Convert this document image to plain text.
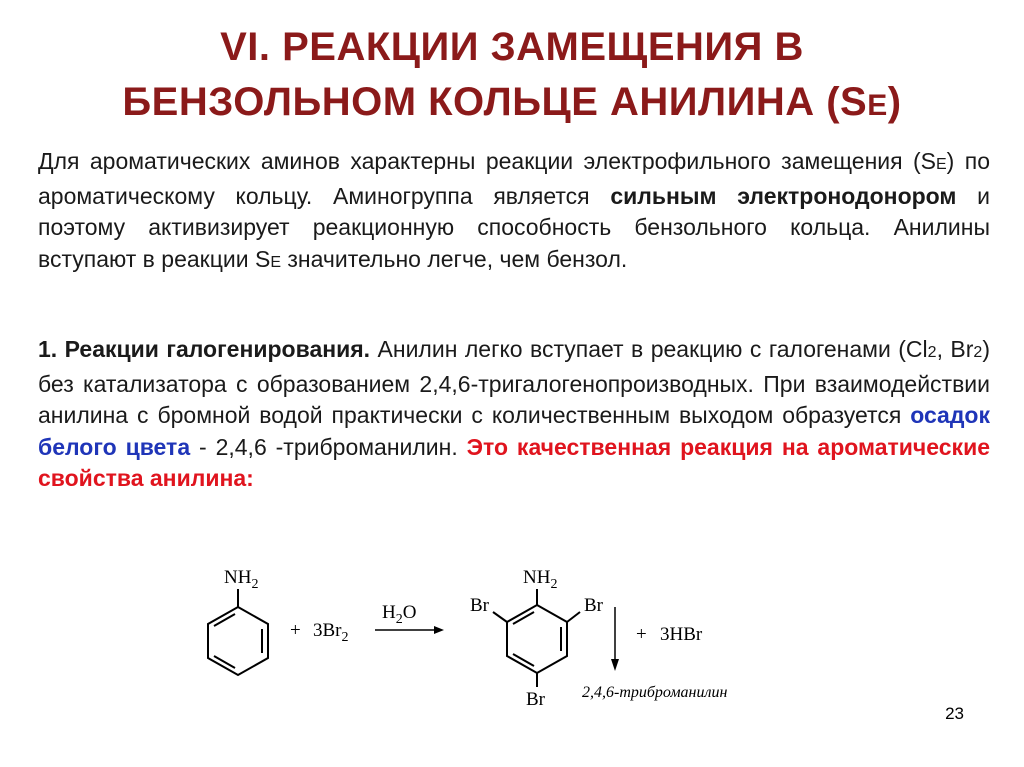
VI. РЕАКЦИИ ЗАМЕЩЕНИЯ В
БЕНЗОЛЬНОМ КОЛЬЦЕ АНИЛИНА (SE)
Для ароматических аминов характерны реакции электрофильного замещения (SE) по ароматическому кольцу. Аминогруппа является сильным электронодонором и поэтому активизирует реакционную способность бензольного кольца. Анилины вступают в реакции SE значительно легче, чем бензол.
1. Реакции галогенирования. Анилин легко вступает в реакцию с галогенами (Cl2, Br2) без катализатора с образованием 2,4,6-тригалогенопроизводных. При взаимодействии анилина с бромной водой практически с количественным выходом образуется осадок белого цвета - 2,4,6 -триброманилин. Это качественная реакция на ароматические свойства анилина:
$NH_2$
+ $3Br_2$
$H_2O$
$NH_2$
Br	Br
Br
+ 3HBr
2,4,6-триброманилин
23
